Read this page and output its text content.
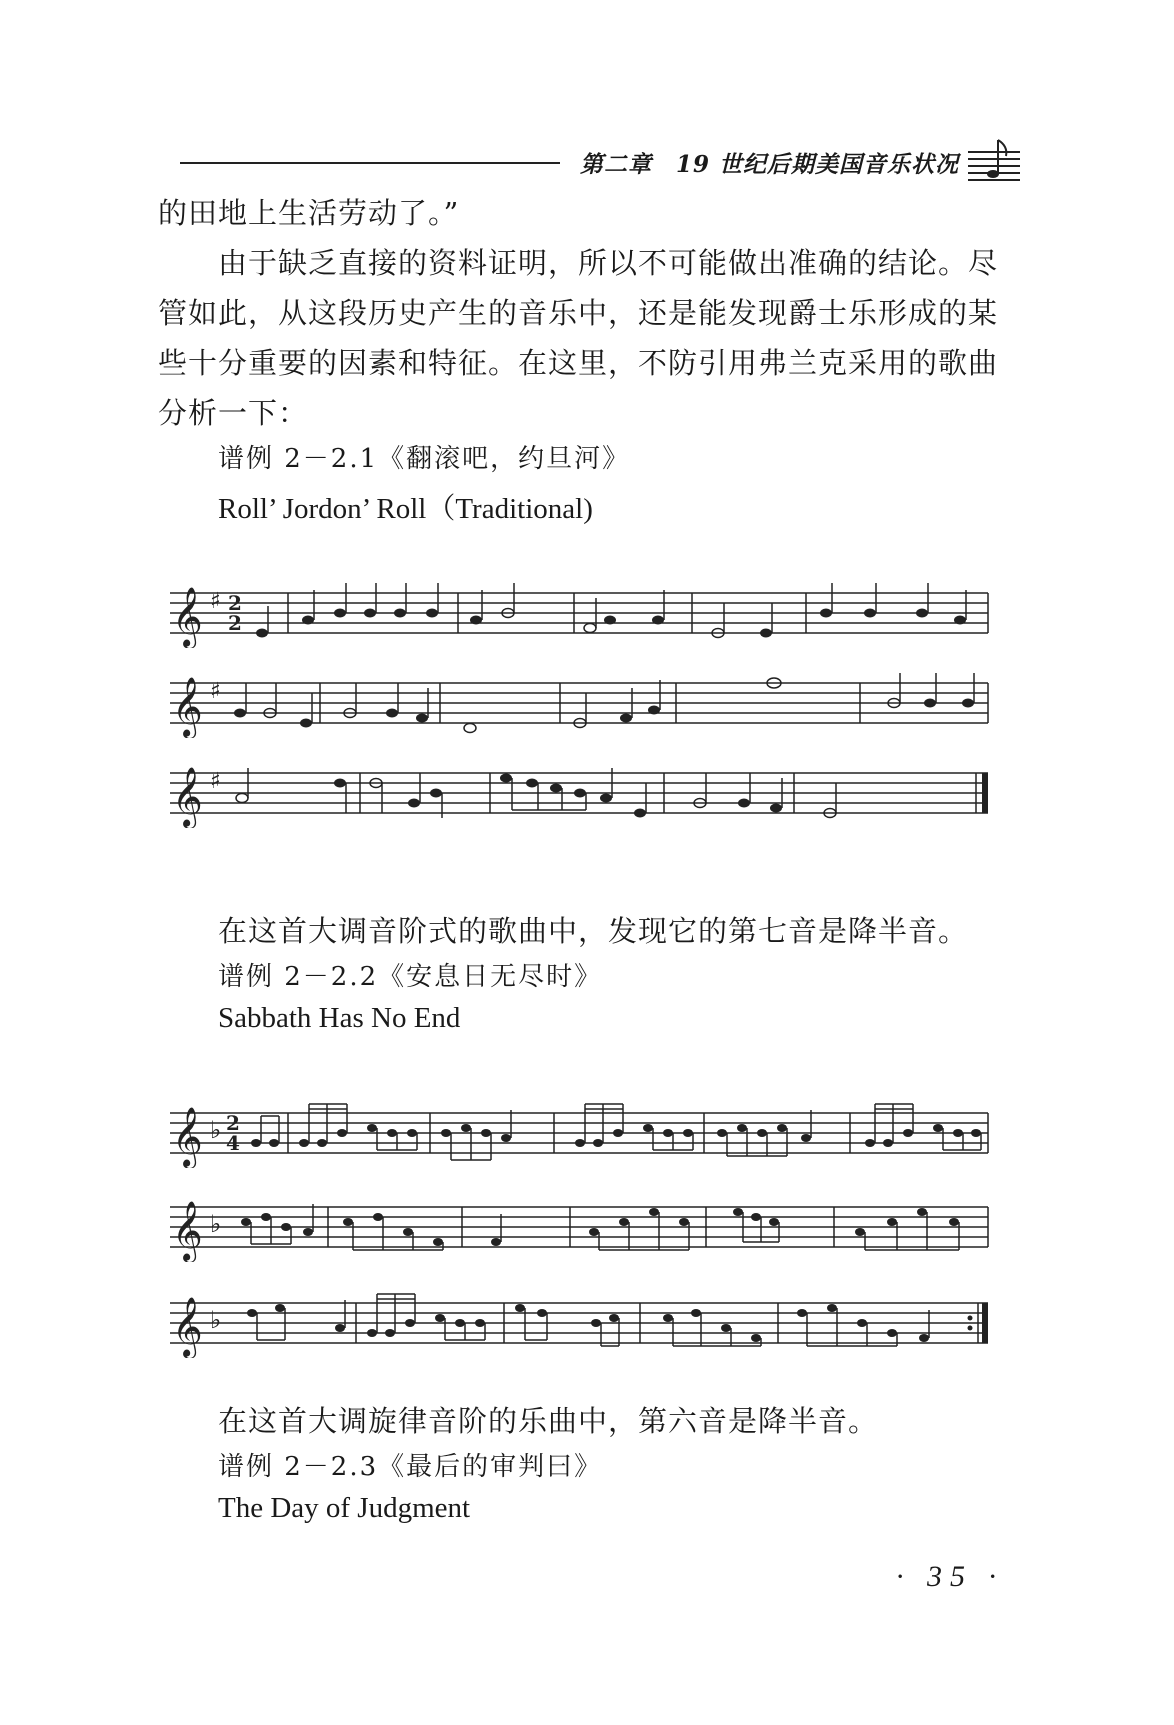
第二章　19 世纪后期美国音乐状况
的田地上生活劳动了。”
由于缺乏直接的资料证明，所以不可能做出准确的结论。尽
管如此，从这段历史产生的音乐中，还是能发现爵士乐形成的某
些十分重要的因素和特征。在这里，不防引用弗兰克采用的歌曲
分析一下：
谱例 2－2.1《翻滚吧，约旦河》
Roll’ Jordon’ Roll（Traditional)
𝄞 ♯ 2
2
𝄞 ♯
𝄞 ♯
在这首大调音阶式的歌曲中，发现它的第七音是降半音。
谱例 2－2.2《安息日无尽时》
Sabbath Has No End
𝄞 ♭ 2
4
𝄞 ♭
𝄞 ♭
在这首大调旋律音阶的乐曲中，第六音是降半音。
谱例 2－2.3《最后的审判曰》
The Day of Judgment
· 35 ·
